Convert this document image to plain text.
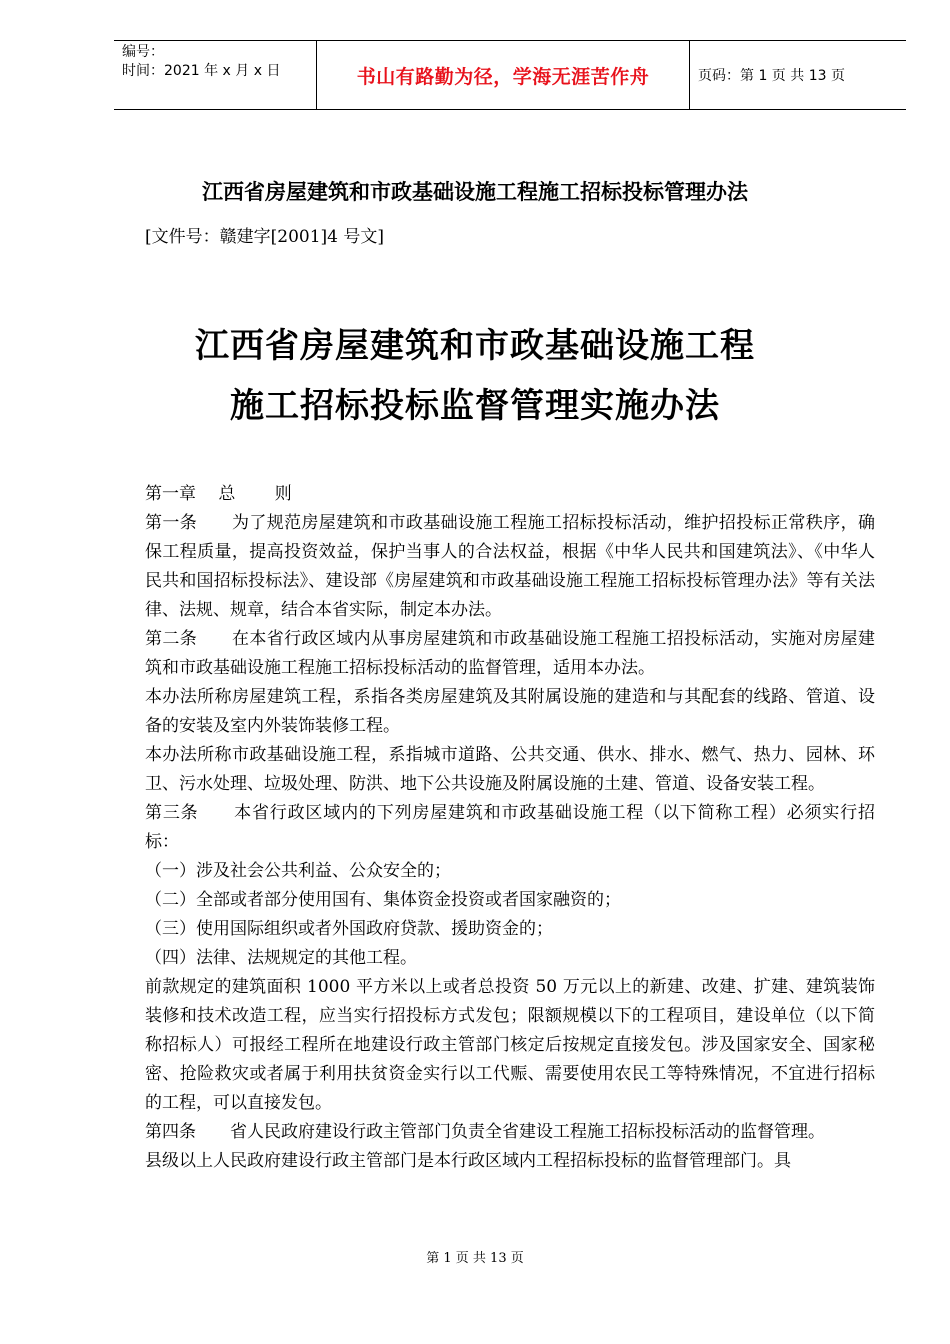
编号：
时间：2021 年 x 月 x 日	书山有路勤为径，学海无涯苦作舟	页码：第 1 页 共 13 页
江西省房屋建筑和市政基础设施工程施工招标投标管理办法
[文件号：赣建字[2001]4 号文]
江西省房屋建筑和市政基础设施工程
施工招标投标监督管理实施办法

第一章　 总　　 则

第一条　　为了规范房屋建筑和市政基础设施工程施工招标投标活动，维护招投标正常秩序，确保工程质量，提高投资效益，保护当事人的合法权益，根据《中华人民共和国建筑法》、《中华人民共和国招标投标法》、建设部《房屋建筑和市政基础设施工程施工招标投标管理办法》等有关法律、法规、规章，结合本省实际，制定本办法。

第二条　　在本省行政区域内从事房屋建筑和市政基础设施工程施工招投标活动，实施对房屋建筑和市政基础设施工程施工招标投标活动的监督管理，适用本办法。

本办法所称房屋建筑工程，系指各类房屋建筑及其附属设施的建造和与其配套的线路、管道、设备的安装及室内外装饰装修工程。

本办法所称市政基础设施工程，系指城市道路、公共交通、供水、排水、燃气、热力、园林、环卫、污水处理、垃圾处理、防洪、地下公共设施及附属设施的土建、管道、设备安装工程。

第三条　　本省行政区域内的下列房屋建筑和市政基础设施工程（以下简称工程）必须实行招标：

（一）涉及社会公共利益、公众安全的；

（二）全部或者部分使用国有、集体资金投资或者国家融资的；

（三）使用国际组织或者外国政府贷款、援助资金的；

（四）法律、法规规定的其他工程。

前款规定的建筑面积 1000 平方米以上或者总投资 50 万元以上的新建、改建、扩建、建筑装饰装修和技术改造工程，应当实行招投标方式发包；限额规模以下的工程项目，建设单位（以下简称招标人）可报经工程所在地建设行政主管部门核定后按规定直接发包。涉及国家安全、国家秘密、抢险救灾或者属于利用扶贫资金实行以工代赈、需要使用农民工等特殊情况，不宜进行招标的工程，可以直接发包。

第四条　　省人民政府建设行政主管部门负责全省建设工程施工招标投标活动的监督管理。

县级以上人民政府建设行政主管部门是本行政区域内工程招标投标的监督管理部门。具

第 1 页 共 13 页
